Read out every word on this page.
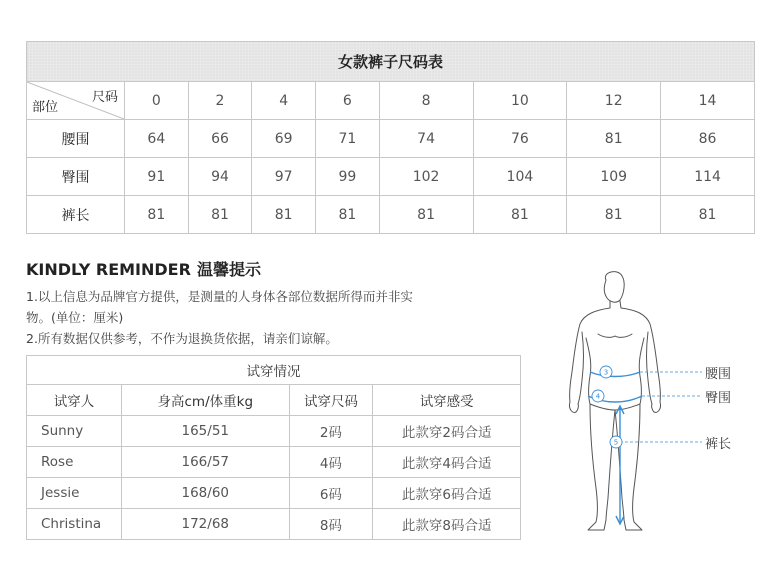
女款裤子尺码表								

尺码
部位	0	2	4	6	8	10	12	14
腰围	64	66	69	71	74	76	81	86
臀围	91	94	97	99	102	104	109	114
裤长	81	81	81	81	81	81	81	81
KINDLY REMINDER 温馨提示
1.以上信息为品牌官方提供，是测量的人身体各部位数据所得而并非实
物。(单位：厘米)
2.所有数据仅供参考，不作为退换货依据，请亲们谅解。
试穿情况			
试穿人	身高cm/体重kg	试穿尺码	试穿感受
Sunny	165/51	2码	此款穿2码合适
Rose	166/57	4码	此款穿4码合适
Jessie	168/60	6码	此款穿6码合适
Christina	172/68	8码	此款穿8码合适
3
4
5
腰围
臀围
裤长
